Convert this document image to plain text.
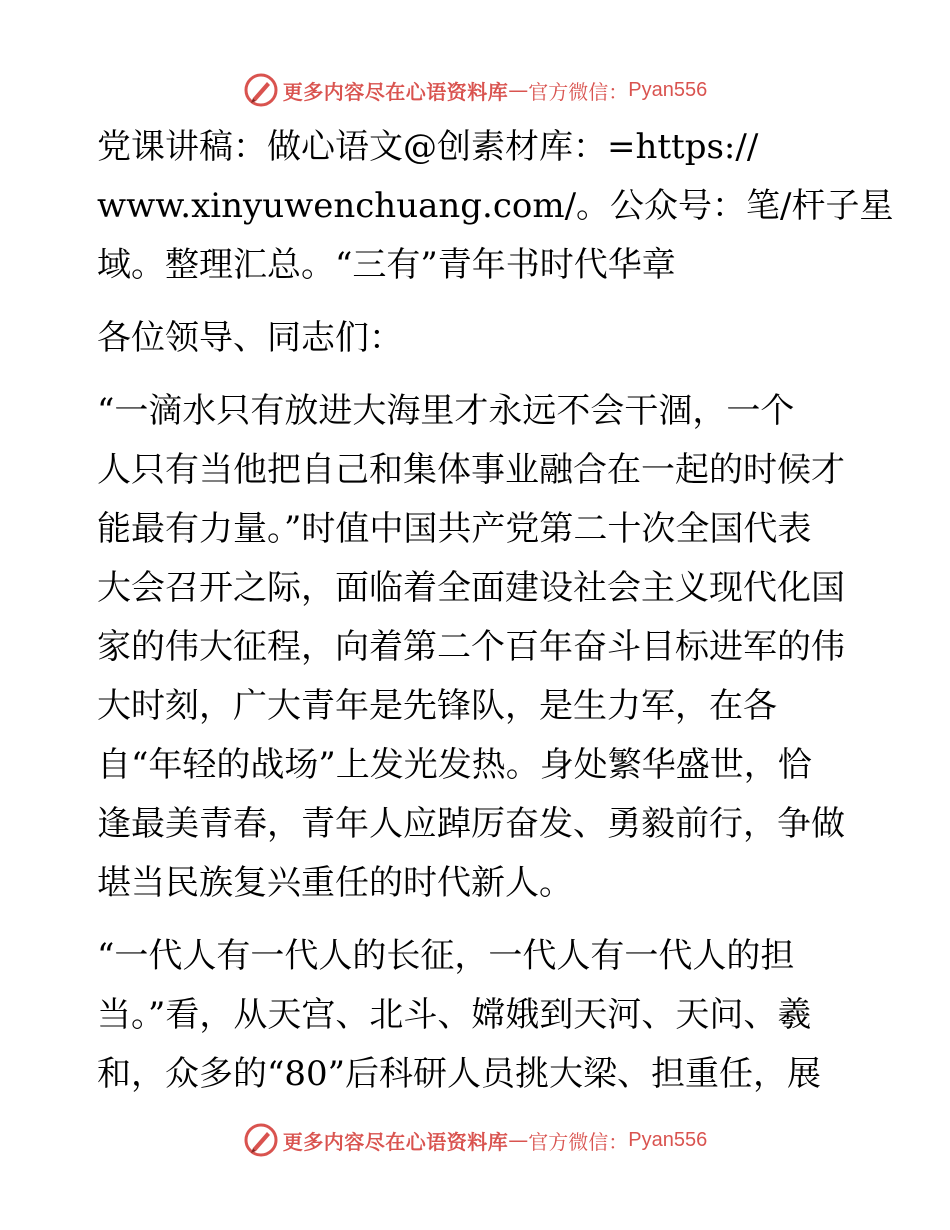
更多内容尽在心语资料库 — 官方微信： Pyan556
党课讲稿：做心语文@创素材库：=https://
www.xinyuwenchuang.com/。公众号：笔/杆子星
域。整理汇总。“三有”青年书时代华章
各位领导、同志们：
“一滴水只有放进大海里才永远不会干涸，一个
人只有当他把自己和集体事业融合在一起的时候才
能最有力量。”时值中国共产党第二十次全国代表
大会召开之际，面临着全面建设社会主义现代化国
家的伟大征程，向着第二个百年奋斗目标进军的伟
大时刻，广大青年是先锋队，是生力军，在各
自“年轻的战场”上发光发热。身处繁华盛世，恰
逢最美青春，青年人应踔厉奋发、勇毅前行，争做
堪当民族复兴重任的时代新人。
“一代人有一代人的长征，一代人有一代人的担
当。”看，从天宫、北斗、嫦娥到天河、天问、羲
和，众多的“80”后科研人员挑大梁、担重任，展
更多内容尽在心语资料库 — 官方微信： Pyan556
